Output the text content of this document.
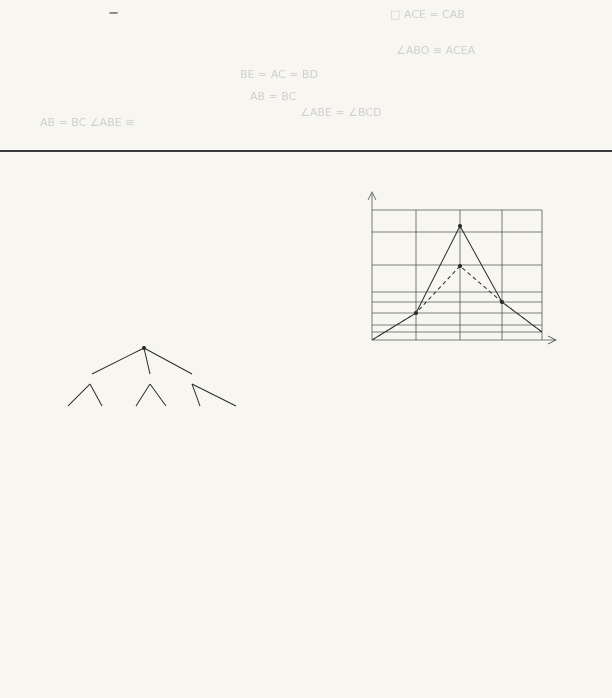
□ ACE = CAB
∠ABO ≌ ACEA
BE = AC = BD
AB = BC
∠ABE = ∠BCD
AB = BC ∠ABE ≅
−
